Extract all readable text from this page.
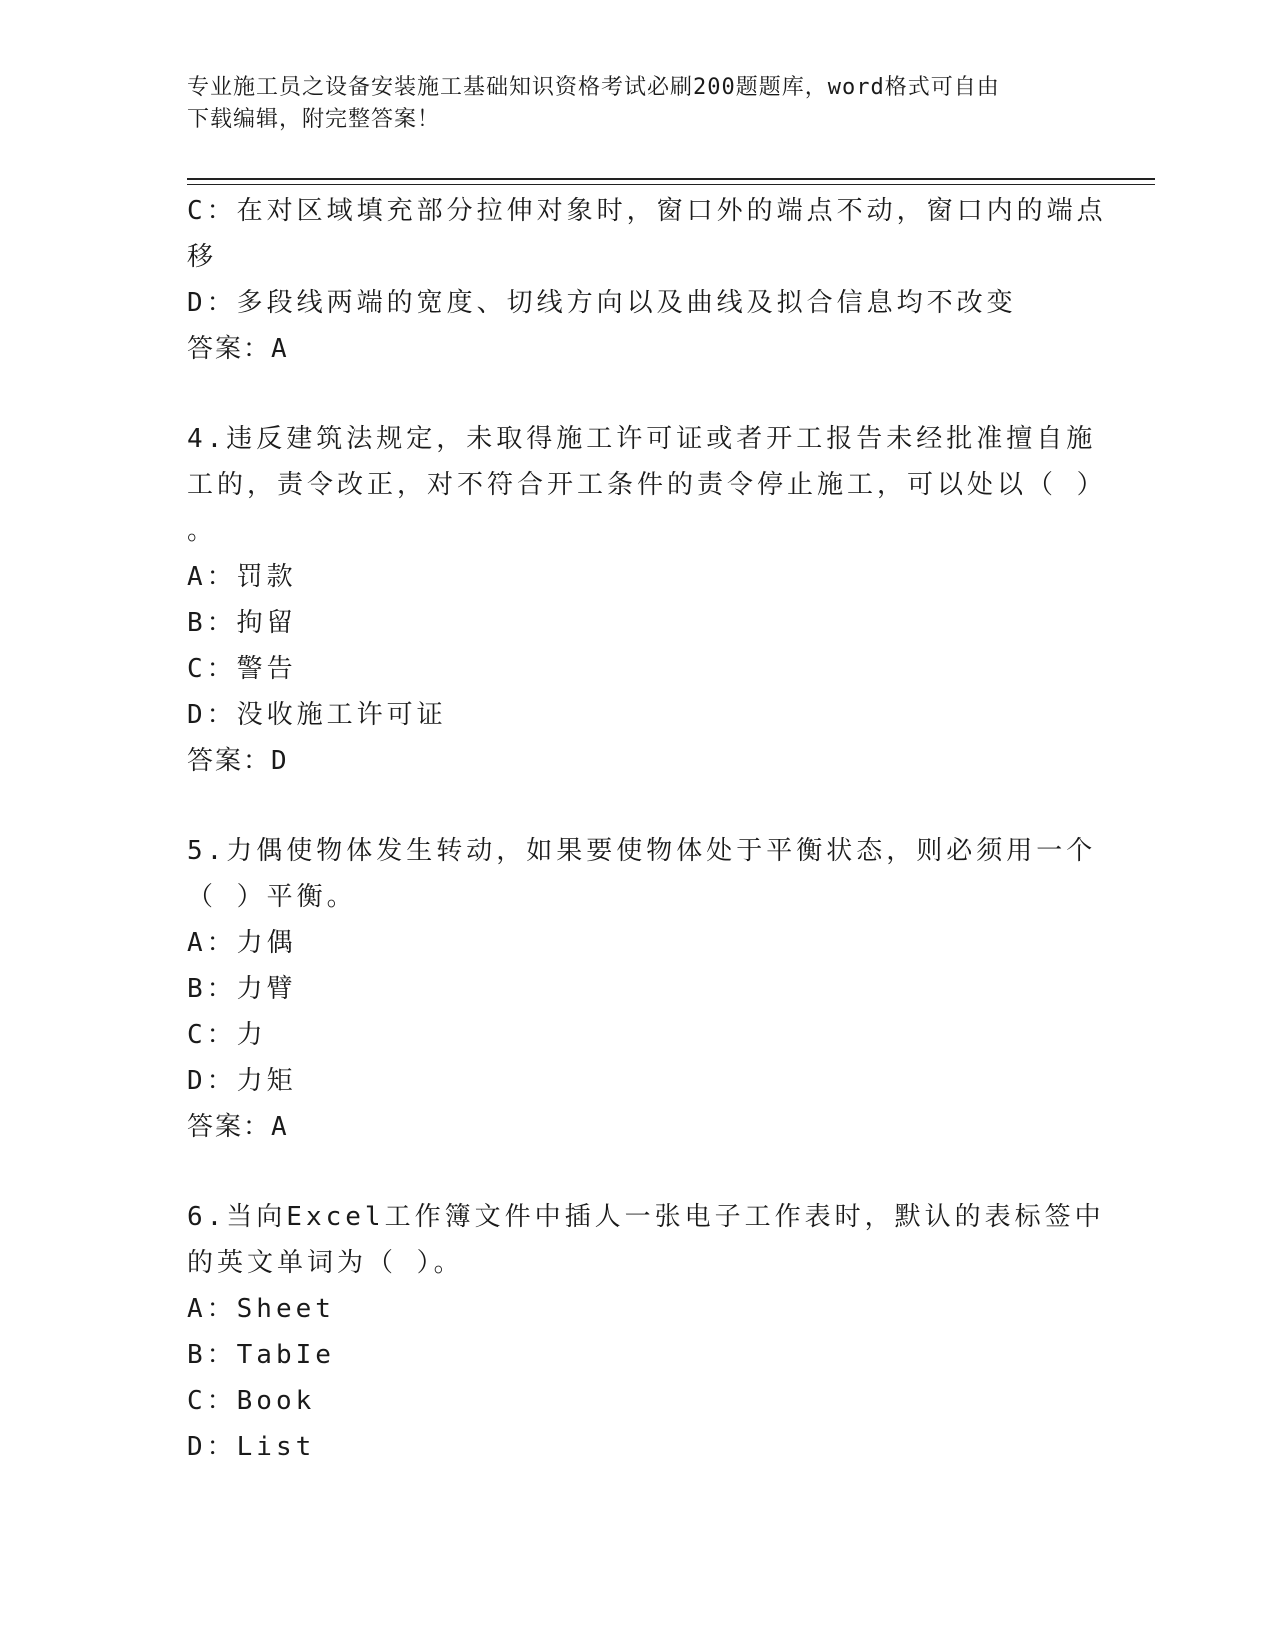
专业施工员之设备安装施工基础知识资格考试必刷200题题库，word格式可自由
下载编辑，附完整答案！
C：在对区域填充部分拉伸对象时，窗口外的端点不动，窗口内的端点
移
D：多段线两端的宽度、切线方向以及曲线及拟合信息均不改变
答案：A
4.违反建筑法规定，未取得施工许可证或者开工报告未经批准擅自施
工的，责令改正，对不符合开工条件的责令停止施工，可以处以（ ）
。
A：罚款
B：拘留
C：警告
D：没收施工许可证
答案：D
5.力偶使物体发生转动，如果要使物体处于平衡状态，则必须用一个
（ ）平衡。
A：力偶
B：力臂
C：力
D：力矩
答案：A
6.当向Excel工作簿文件中插人一张电子工作表时，默认的表标签中
的英文单词为（ ）。
A：Sheet
B：TabIe
C：Book
D：List
